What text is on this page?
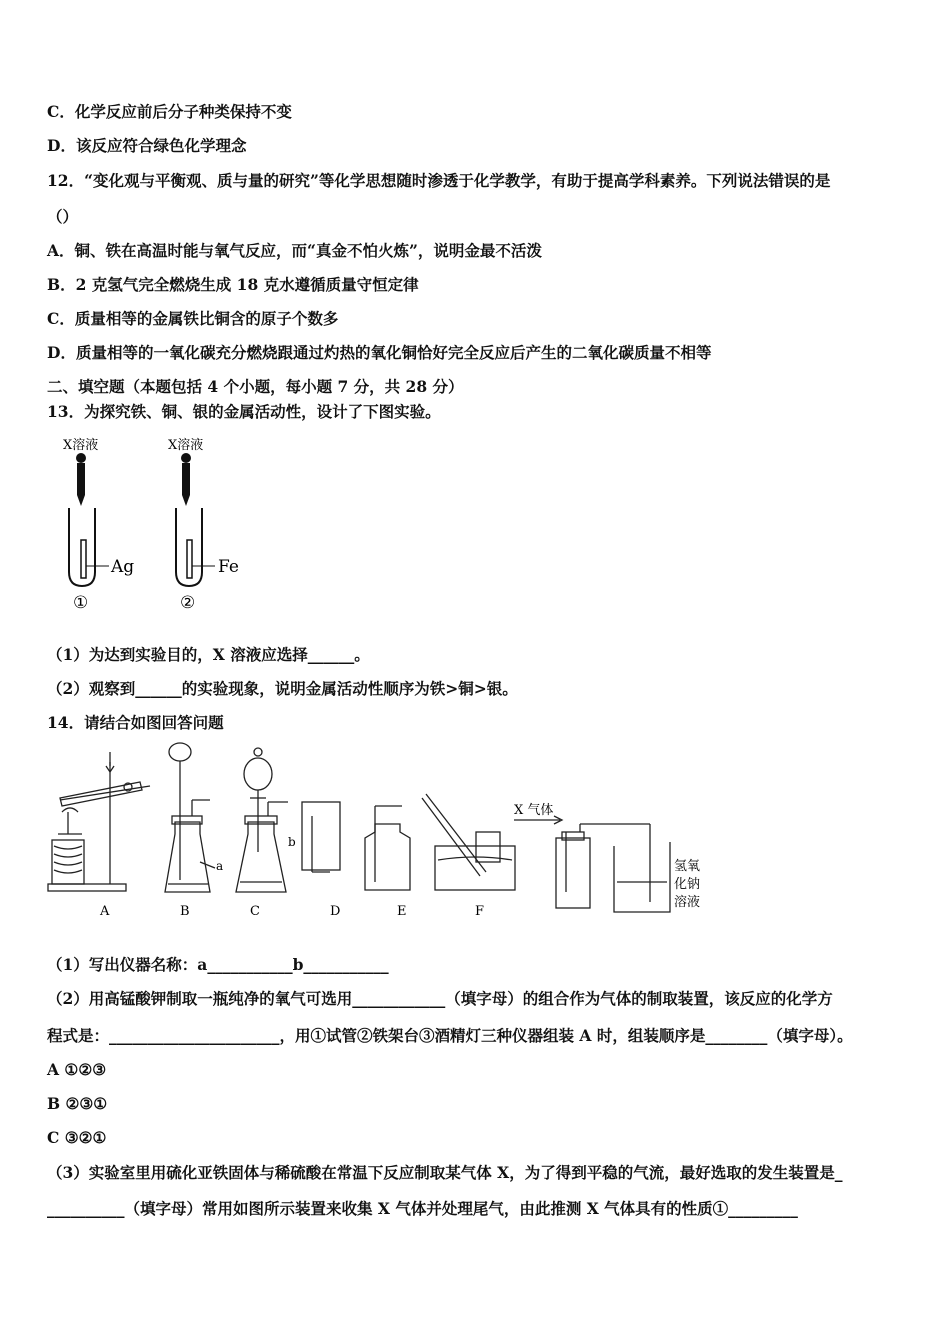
C．化学反应前后分子种类保持不变
D．该反应符合绿色化学理念
12．“变化观与平衡观、质与量的研究”等化学思想随时渗透于化学教学，有助于提高学科素养。下列说法错误的是
（）
A．铜、铁在高温时能与氧气反应，而“真金不怕火炼”，说明金最不活泼
B．2 克氢气完全燃烧生成 18 克水遵循质量守恒定律
C．质量相等的金属铁比铜含的原子个数多
D．质量相等的一氧化碳充分燃烧跟通过灼热的氧化铜恰好完全反应后产生的二氧化碳质量不相等
二、填空题（本题包括 4 个小题，每小题 7 分，共 28 分）
13．为探究铁、铜、银的金属活动性，设计了下图实验。
X溶液	X溶液
Ag
①
Fe
②
（1）为达到实验目的，X 溶液应选择______。
（2）观察到______的实验现象，说明金属活动性顺序为铁>铜>银。
14．请结合如图回答问题
a
b
X 气体
氢氧
化钠
溶液
A	B	C	D	E	F
（1）写出仪器名称：a___________b___________
（2）用高锰酸钾制取一瓶纯净的氧气可选用____________（填字母）的组合作为气体的制取装置，该反应的化学方
程式是：______________________，用①试管②铁架台③酒精灯三种仪器组装 A 时，组装顺序是________（填字母）。
A ①②③
B ②③①
C ③②①
（3）实验室里用硫化亚铁固体与稀硫酸在常温下反应制取某气体 X，为了得到平稳的气流，最好选取的发生装置是_
__________（填字母）常用如图所示装置来收集 X 气体并处理尾气，由此推测 X 气体具有的性质①_________
